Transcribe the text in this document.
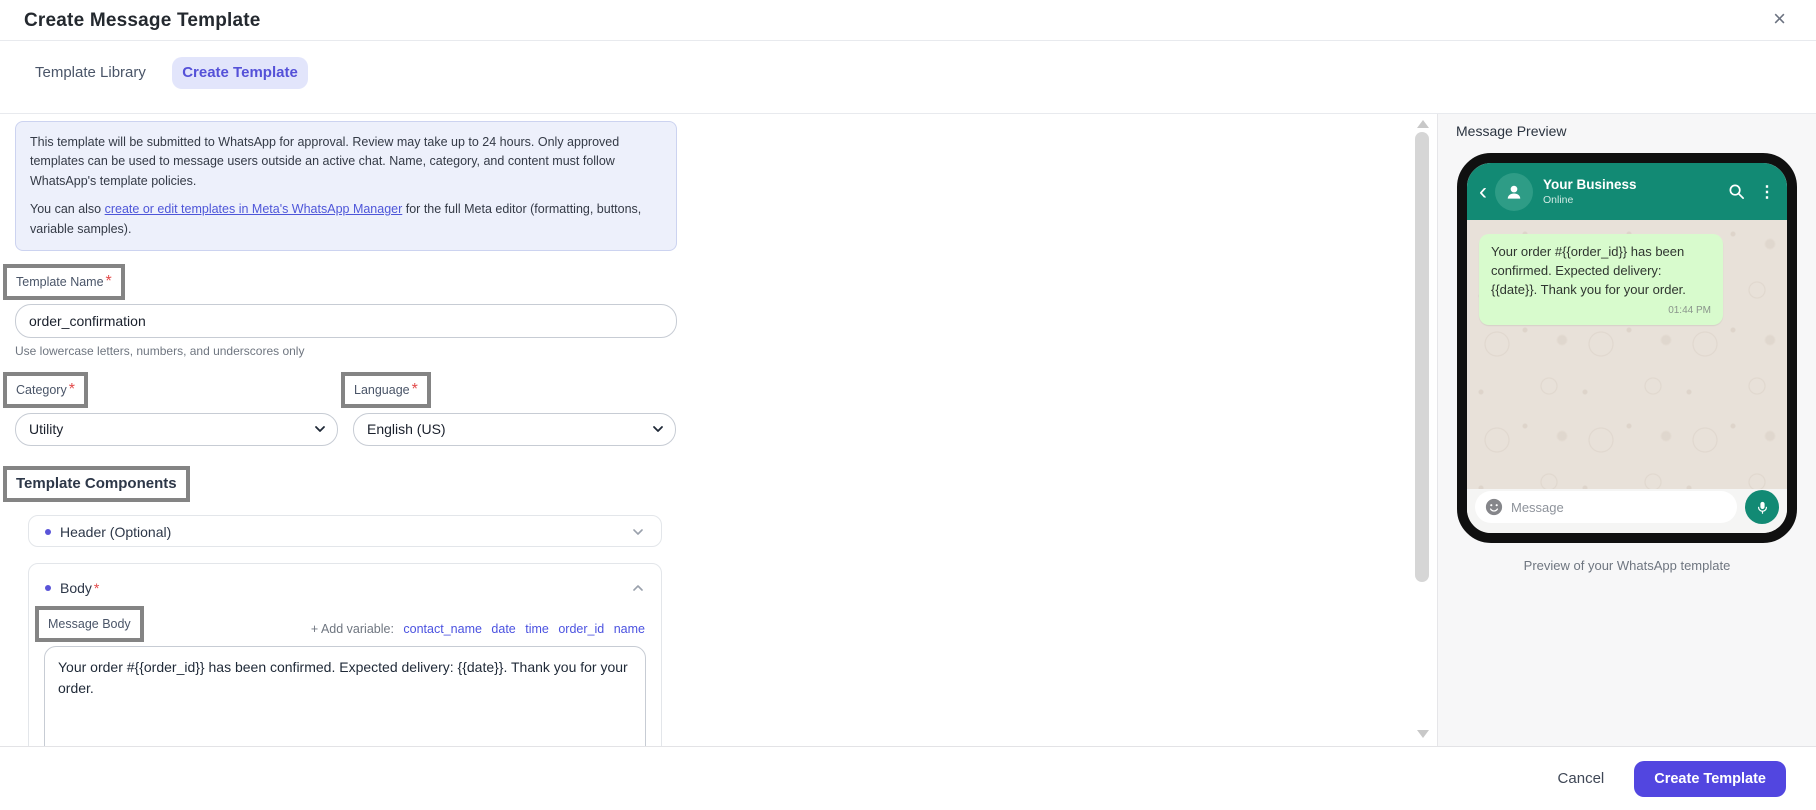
Create Message Template	×
Template Library	Create Template

This template will be submitted to WhatsApp for approval. Review may take up to 24 hours. Only approved templates can be used to message users outside an active chat. Name, category, and content must follow WhatsApp's template policies.

You can also create or edit templates in Meta's WhatsApp Manager for the full Meta editor (formatting, buttons, variable samples).

Template Name *
order_confirmation
Use lowercase letters, numbers, and underscores only
Category *
Utility	Language *
English (US)
Template Components
Header (Optional)
Body *
Message Body	+ Add variable: contact_name date time order_id name
Your order #{{order_id}} has been confirmed. Expected delivery: {{date}}. Thank you for your order.
Message Preview
‹	Your Business
Online	⋮
Your order #{{order_id}} has been confirmed. Expected delivery: {{date}}. Thank you for your order.
01:44 PM
Message
Preview of your WhatsApp template
Cancel	Create Template
